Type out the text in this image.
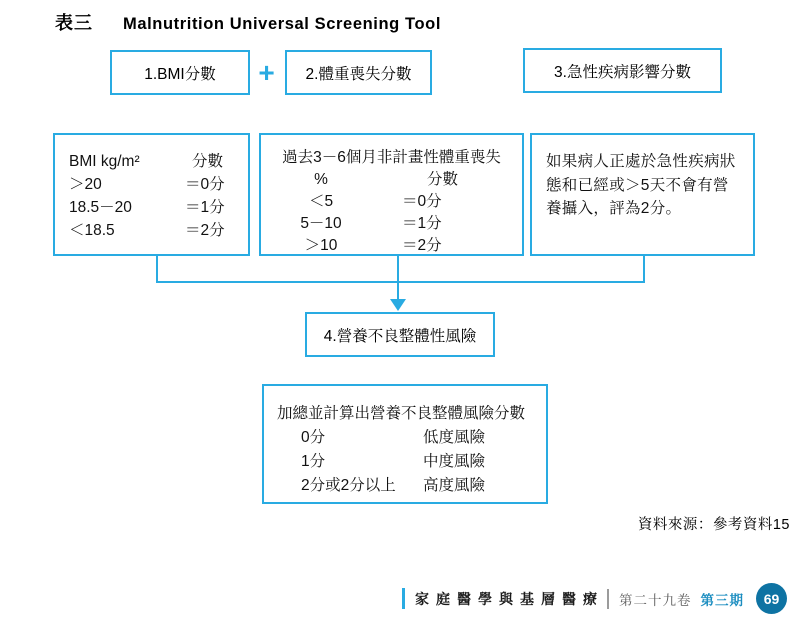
表三 Malnutrition Universal Screening Tool
1.BMI分數	+	2.體重喪失分數	3.急性疾病影響分數
BMI kg/m²	分數
＞20	＝0分
18.5－20	＝1分
＜18.5	＝2分
過去3－6個月非計畫性體重喪失
%	分數
＜5	＝0分
5－10	＝1分
＞10	＝2分
如果病人正處於急性疾病狀態和已經或＞5天不會有營養攝入，評為2分。
4.營養不良整體性風險
加總並計算出營養不良整體風險分數
0分	低度風險
1分	中度風險
2分或2分以上	高度風險
資料來源：參考資料15
家庭醫學與基層醫療 第二十九卷 第三期 69
